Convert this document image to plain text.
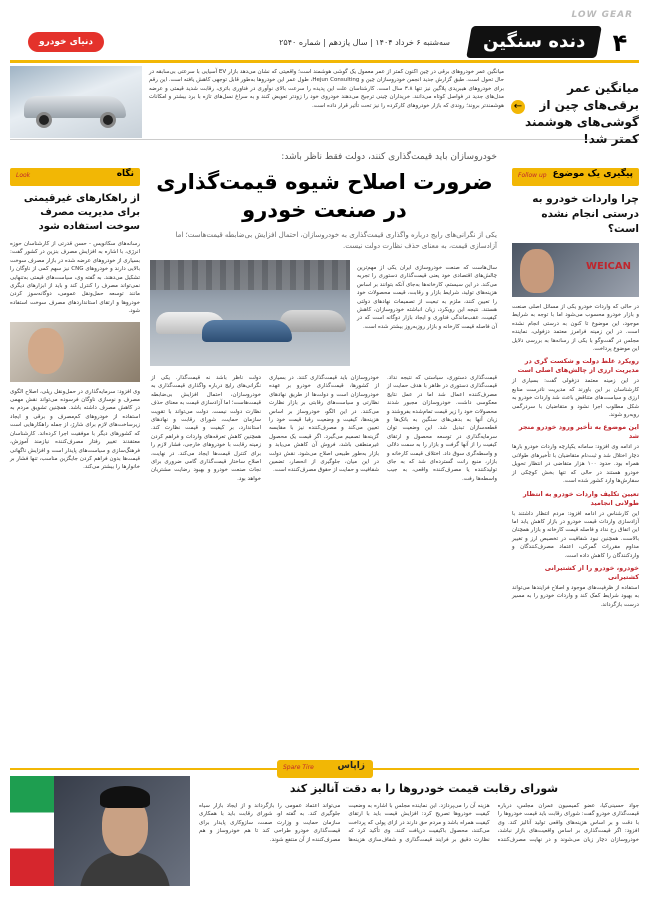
LOW GEAR
۴
دنده سنگین
سه‌شنبه ۶ خرداد ۱۴۰۴ | سال یازدهم | شماره ۲۵۴۰
دنیای خودرو
میانگین عمر برقی‌های چین از گوشی‌های هوشمند کمتر شد!
←
میانگین عمر خودروهای برقی در چین اکنون کمتر از عمر معمول یک گوشی هوشمند است؛ واقعیتی که نشان می‌دهد بازار EV آسیایی با سرعتی بی‌سابقه در حال تحول است. طبق گزارش جدید انجمن خودروسازان چین و Hejun Consulting، طول عمر این خودروها به‌طور قابل توجهی کاهش یافته است. این رقم برای خودروهای هیبریدی پلاگین نیز تنها ۳.۸ سال است. کارشناسان علت این پدیده را سرعت بالای نوآوری در فناوری باتری، رقابت شدید قیمتی و عرضه مدل‌های جدید در فواصل کوتاه می‌دانند. خریداران چینی ترجیح می‌دهند خودروی خود را زودتر تعویض کنند و به سراغ نسل‌های تازه با برد بیشتر و امکانات هوشمندتر بروند؛ روندی که بازار خودروهای کارکرده را نیز تحت تأثیر قرار داده است.
پیگیری یک موضوع
Follow up
چرا واردات خودرو به درستی انجام نشده است؟
WEICAN
در حالی که واردات خودرو یکی از مسائل اصلی صنعت و بازار خودرو محسوب می‌شود اما با توجه به شرایط موجود، این موضوع تا کنون به درستی انجام نشده است. در این زمینه فرامرز معتمد دزفولی، نماینده مجلس در گفت‌وگو با یکی از رسانه‌ها به بررسی دلایل این موضوع پرداخت.
رویکرد غلط دولت و شکست گری در مدیریت ارزی از چالش‌های اصلی است
در این زمینه معتمد دزفولی گفت: بسیاری از کارشناسان بر این باورند که مدیریت نادرست منابع ارزی و سیاست‌های متناقض باعث شد واردات خودرو به شکل مطلوب اجرا نشود و متقاضیان با سردرگمی روبه‌رو شوند.
این موضوع به تأخیر ورود خودرو منجر شد
در ادامه وی افزود: سامانه یکپارچه واردات خودرو بارها دچار اختلال شد و ثبت‌نام متقاضیان با تأخیرهای طولانی همراه بود. حدود ۱۰۰ هزار متقاضی در انتظار تحویل خودرو هستند در حالی که تنها بخش کوچکی از سفارش‌ها وارد کشور شده است.
تعیین تکلیف واردات خودرو به انتظار طولانی انجامید
این کارشناس در ادامه افزود: مردم انتظار داشتند با آزادسازی واردات قیمت خودرو در بازار کاهش یابد اما این اتفاق رخ نداد و فاصله قیمت کارخانه و بازار همچنان بالاست. همچنین نبود شفافیت در تخصیص ارز و تغییر مداوم مقررات گمرکی، اعتماد مصرف‌کنندگان و واردکنندگان را کاهش داده است.
خودرو، خودرو را از کشتیرانی کشتیرانی
استفاده از ظرفیت‌های موجود و اصلاح فرایندها می‌تواند به بهبود شرایط کمک کند و واردات خودرو را به مسیر درست بازگرداند.
خودروسازان باید قیمت‌گذاری کنند، دولت فقط ناظر باشد:
ضرورت اصلاح شیوه قیمت‌گذاری در صنعت خودرو
یکی از نگرانی‌های رایج درباره واگذاری قیمت‌گذاری به خودروسازان، احتمال افزایش بی‌ضابطه قیمت‌هاست؛ اما آزادسازی قیمت، به معنای حذف نظارت دولت نیست.
سال‌هاست که صنعت خودروسازی ایران یکی از مهم‌ترین چالش‌های اقتصادی خود یعنی قیمت‌گذاری دستوری را تجربه می‌کند. در این سیستم، کارخانه‌ها به‌جای آنکه بتوانند بر اساس هزینه‌های تولید، شرایط بازار و رقابت، قیمت محصولات خود را تعیین کنند، ملزم به تبعیت از تصمیمات نهادهای دولتی هستند. نتیجه این رویکرد، زیان انباشته خودروسازان، کاهش کیفیت، عقب‌ماندگی فناوری و ایجاد بازار دوگانه است که در آن فاصله قیمت کارخانه و بازار روزبه‌روز بیشتر شده است.
قیمت‌گذاری دستوری، سیاستی که نتیجه نداد. قیمت‌گذاری دستوری در ظاهر با هدف حمایت از مصرف‌کننده اعمال شد اما در عمل نتایج معکوسی داشت. خودروسازان مجبور شدند محصولات خود را زیر قیمت تمام‌شده بفروشند و زیان آنها به بدهی‌های سنگین به بانک‌ها و قطعه‌سازان تبدیل شد. این وضعیت توان سرمایه‌گذاری در توسعه محصول و ارتقای کیفیت را از آنها گرفت و بازار را به سمت دلالی و واسطه‌گری سوق داد. اختلاف قیمت کارخانه و بازار، منبع رانت گسترده‌ای شد که به جای تولیدکننده یا مصرف‌کننده واقعی، به جیب واسطه‌ها رفت.
خودروسازان باید قیمت‌گذاری کنند. در بسیاری از کشورها، قیمت‌گذاری خودرو بر عهده خودروسازان است و دولت‌ها از طریق نهادهای نظارتی و سیاست‌های رقابتی بر بازار نظارت می‌کنند. در این الگو، خودروساز بر اساس هزینه‌ها، کیفیت و وضعیت رقبا قیمت خود را تعیین می‌کند و مصرف‌کننده نیز با مقایسه گزینه‌ها تصمیم می‌گیرد. اگر قیمت یک محصول غیرمنطقی باشد، فروش آن کاهش می‌یابد و بازار به‌طور طبیعی اصلاح می‌شود. نقش دولت در این میان، جلوگیری از انحصار، تضمین شفافیت و حمایت از حقوق مصرف‌کننده است.
دولت ناظر باشد نه قیمت‌گذار. یکی از نگرانی‌های رایج درباره واگذاری قیمت‌گذاری به خودروسازان، احتمال افزایش بی‌ضابطه قیمت‌هاست؛ اما آزادسازی قیمت به معنای حذف نظارت دولت نیست. دولت می‌تواند با تقویت سازمان حمایت، شورای رقابت و نهادهای استاندارد، بر کیفیت و قیمت نظارت کند. همچنین کاهش تعرفه‌های واردات و فراهم کردن زمینه رقابت با خودروهای خارجی، فشار لازم را برای کنترل قیمت‌ها ایجاد می‌کند. در نهایت، اصلاح ساختار قیمت‌گذاری گامی ضروری برای نجات صنعت خودرو و بهبود رضایت مشتریان خواهد بود.
نگاه
Look
از راهکارهای غیرقیمتی برای مدیریت مصرف سوخت استفاده شود
رسانه‌های سکانویس - حسن قدرتی از کارشناسان حوزه انرژی، با اشاره به افزایش مصرف بنزین در کشور گفت: بسیاری از خودروهای عرضه شده در بازار مصرف سوخت بالایی دارند و خودروهای CNG نیز سهم کمی از ناوگان را تشکیل می‌دهند. به گفته وی، سیاست‌های قیمتی به‌تنهایی نمی‌تواند مصرف را کنترل کند و باید از ابزارهای دیگری مانند توسعه حمل‌ونقل عمومی، دوگانه‌سوز کردن خودروها و ارتقای استانداردهای مصرف سوخت استفاده شود.
وی افزود: سرمایه‌گذاری در حمل‌ونقل ریلی، اصلاح الگوی مصرف و نوسازی ناوگان فرسوده می‌تواند نقش مهمی در کاهش مصرف داشته باشد. همچنین تشویق مردم به استفاده از خودروهای کم‌مصرف و برقی و ایجاد زیرساخت‌های لازم برای شارژ، از جمله راهکارهایی است که کشورهای دیگر با موفقیت اجرا کرده‌اند. کارشناسان معتقدند تغییر رفتار مصرف‌کننده نیازمند آموزش، فرهنگ‌سازی و سیاست‌های پایدار است و افزایش ناگهانی قیمت‌ها بدون فراهم کردن جایگزین مناسب، تنها فشار بر خانوارها را بیشتر می‌کند.
زاپاس
Spare Tire
شورای رقابت قیمت خودروها را به دقت آنالیز کند
جواد حسینی‌کیا، عضو کمیسیون عمران مجلس، درباره قیمت‌گذاری خودرو گفت: شورای رقابت باید قیمت خودروها را با دقت و بر اساس هزینه‌های واقعی تولید آنالیز کند. وی افزود: اگر قیمت‌گذاری بر اساس واقعیت‌های بازار نباشد، خودروسازان دچار زیان می‌شوند و در نهایت مصرف‌کننده هزینه آن را می‌پردازد. این نماینده مجلس با اشاره به وضعیت کیفیت خودروها تصریح کرد: افزایش قیمت باید با ارتقای کیفیت همراه باشد و مردم حق دارند در ازای پولی که پرداخت می‌کنند، محصول باکیفیت دریافت کنند. وی تأکید کرد که نظارت دقیق بر فرایند قیمت‌گذاری و شفاف‌سازی هزینه‌ها می‌تواند اعتماد عمومی را بازگرداند و از ایجاد بازار سیاه جلوگیری کند. به گفته او، شورای رقابت باید با همکاری سازمان حمایت و وزارت صمت، سازوکاری پایدار برای قیمت‌گذاری خودرو طراحی کند تا هم خودروساز و هم مصرف‌کننده از آن منتفع شوند.
